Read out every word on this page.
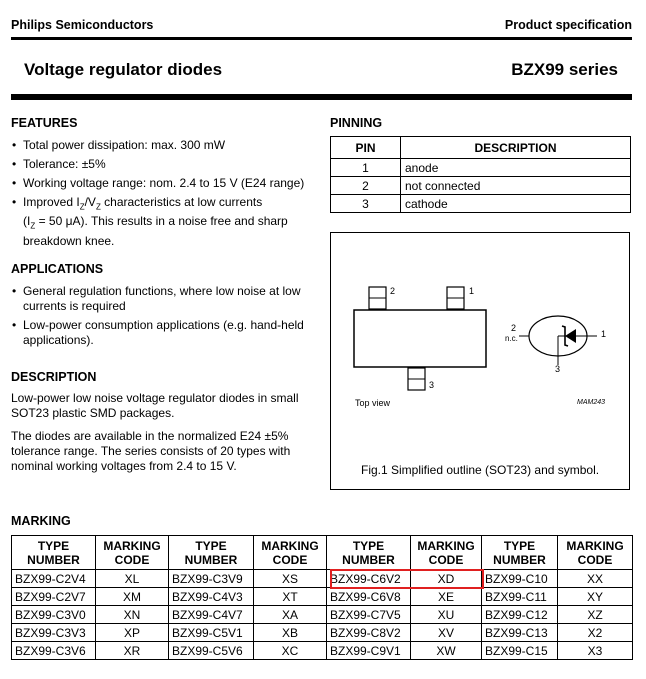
Philips Semiconductors	Product specification
Voltage regulator diodes	BZX99 series
FEATURES
• Total power dissipation: max. 300 mW
• Tolerance: ±5%
• Working voltage range: nom. 2.4 to 15 V (E24 range)
• Improved $I_Z/V_Z$ characteristics at low currents
($I_Z = 50$ μA). This results in a noise free and sharp
breakdown knee.
APPLICATIONS
• General regulation functions, where low noise at low currents is required
• Low-power consumption applications (e.g. hand-held applications).
DESCRIPTION
Low-power low noise voltage regulator diodes in small SOT23 plastic SMD packages.
The diodes are available in the normalized E24 ±5% tolerance range. The series consists of 20 types with nominal working voltages from 2.4 to 15 V.
PINNING
PIN	DESCRIPTION
1	anode
2	not connected
3	cathode
2	1
3
2
n.c.	1
3
Top view	MAM243
Fig.1 Simplified outline (SOT23) and symbol.
MARKING
TYPE
NUMBER	MARKING
CODE	TYPE
NUMBER	MARKING
CODE	TYPE
NUMBER	MARKING
CODE	TYPE
NUMBER	MARKING
CODE
BZX99-C2V4	XL	BZX99-C3V9	XS	BZX99-C6V2	XD	BZX99-C10	XX
BZX99-C2V7	XM	BZX99-C4V3	XT	BZX99-C6V8	XE	BZX99-C11	XY
BZX99-C3V0	XN	BZX99-C4V7	XA	BZX99-C7V5	XU	BZX99-C12	XZ
BZX99-C3V3	XP	BZX99-C5V1	XB	BZX99-C8V2	XV	BZX99-C13	X2
BZX99-C3V6	XR	BZX99-C5V6	XC	BZX99-C9V1	XW	BZX99-C15	X3
